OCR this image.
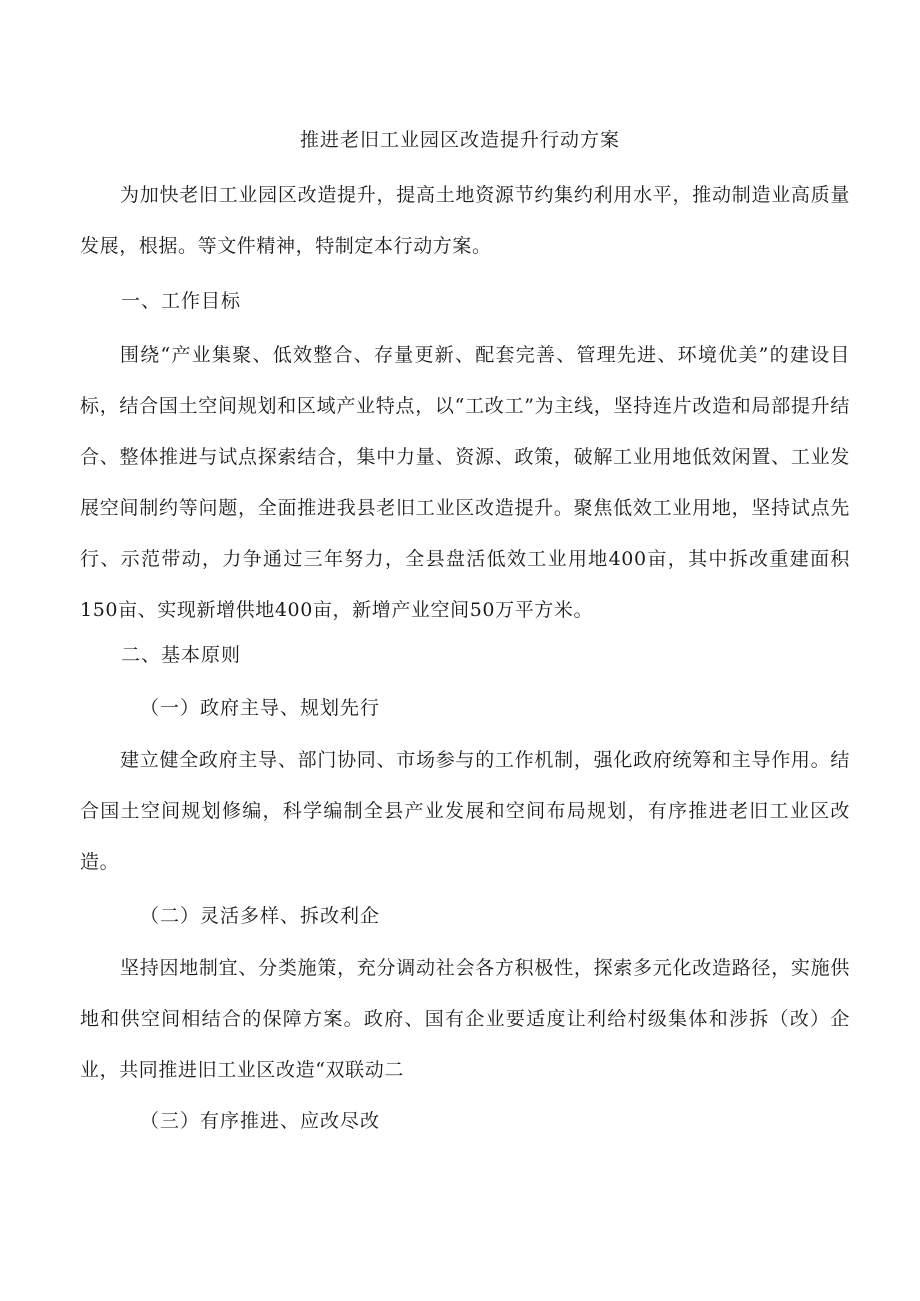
推进老旧工业园区改造提升行动方案

为加快老旧工业园区改造提升，提高土地资源节约集约利用水平，推动制造业高质量发展，根据。等文件精神，特制定本行动方案。

一、工作目标

围绕“产业集聚、低效整合、存量更新、配套完善、管理先进、环境优美”的建设目标，结合国土空间规划和区域产业特点，以“工改工”为主线，坚持连片改造和局部提升结合、整体推进与试点探索结合，集中力量、资源、政策，破解工业用地低效闲置、工业发展空间制约等问题，全面推进我县老旧工业区改造提升。聚焦低效工业用地，坚持试点先行、示范带动，力争通过三年努力，全县盘活低效工业用地400亩，其中拆改重建面积150亩、实现新增供地400亩，新增产业空间50万平方米。

二、基本原则

（一）政府主导、规划先行

建立健全政府主导、部门协同、市场参与的工作机制，强化政府统筹和主导作用。结合国土空间规划修编，科学编制全县产业发展和空间布局规划，有序推进老旧工业区改造。

（二）灵活多样、拆改利企

坚持因地制宜、分类施策，充分调动社会各方积极性，探索多元化改造路径，实施供地和供空间相结合的保障方案。政府、国有企业要适度让利给村级集体和涉拆（改）企业，共同推进旧工业区改造“双联动二

（三）有序推进、应改尽改
